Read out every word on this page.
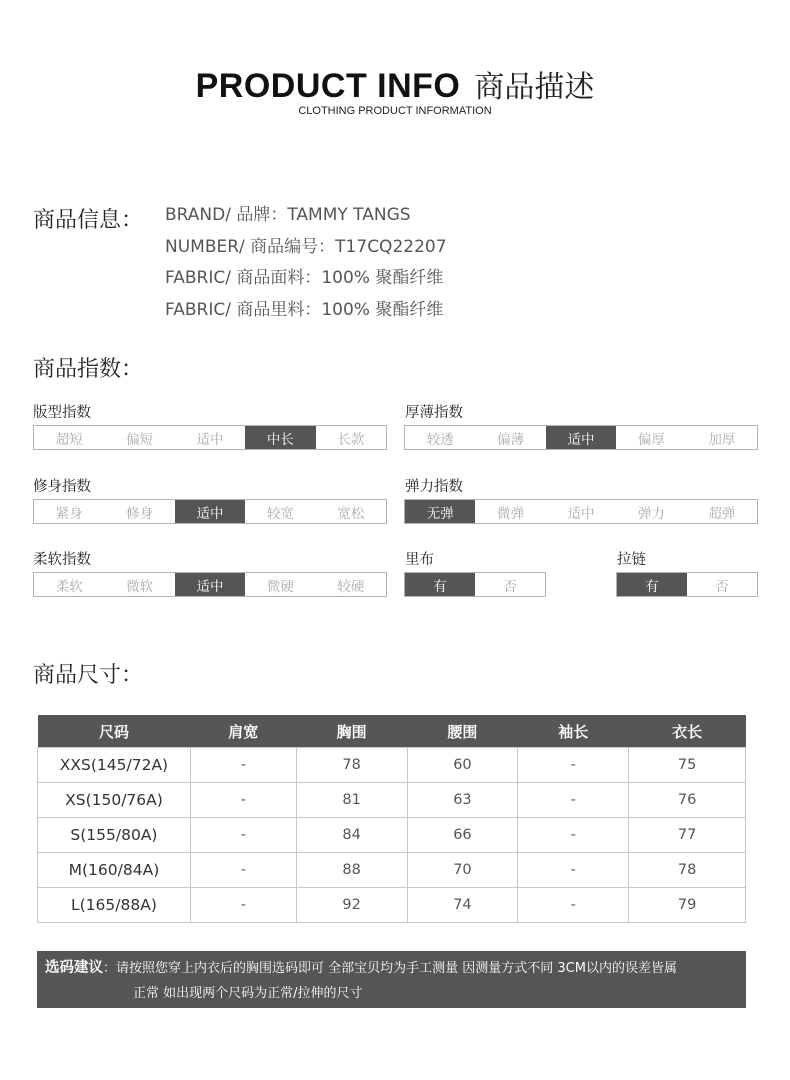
PRODUCT INFO 商品描述
CLOTHING PRODUCT INFORMATION
商品信息： BRAND/ 品牌：TAMMY TANGS
NUMBER/ 商品编号：T17CQ22207
FABRIC/ 商品面料：100% 聚酯纤维
FABRIC/ 商品里料：100% 聚酯纤维
商品指数：
版型指数
超短	偏短	适中	中长	长款
厚薄指数
较透	偏薄	适中	偏厚	加厚
修身指数
紧身	修身	适中	较宽	宽松
弹力指数
无弹	微弹	适中	弹力	超弹
柔软指数
柔软	微软	适中	微硬	较硬
里布
有	否
拉链
有	否
商品尺寸：
尺码	肩宽	胸围	腰围	袖长	衣长
XXS(145/72A)	-	78	60	-	75
XS(150/76A)	-	81	63	-	76
S(155/80A)	-	84	66	-	77
M(160/84A)	-	88	70	-	78
L(165/88A)	-	92	74	-	79
选码建议：请按照您穿上内衣后的胸围选码即可 全部宝贝均为手工测量 因测量方式不同 3CM以内的误差皆属
正常 如出现两个尺码为正常/拉伸的尺寸
